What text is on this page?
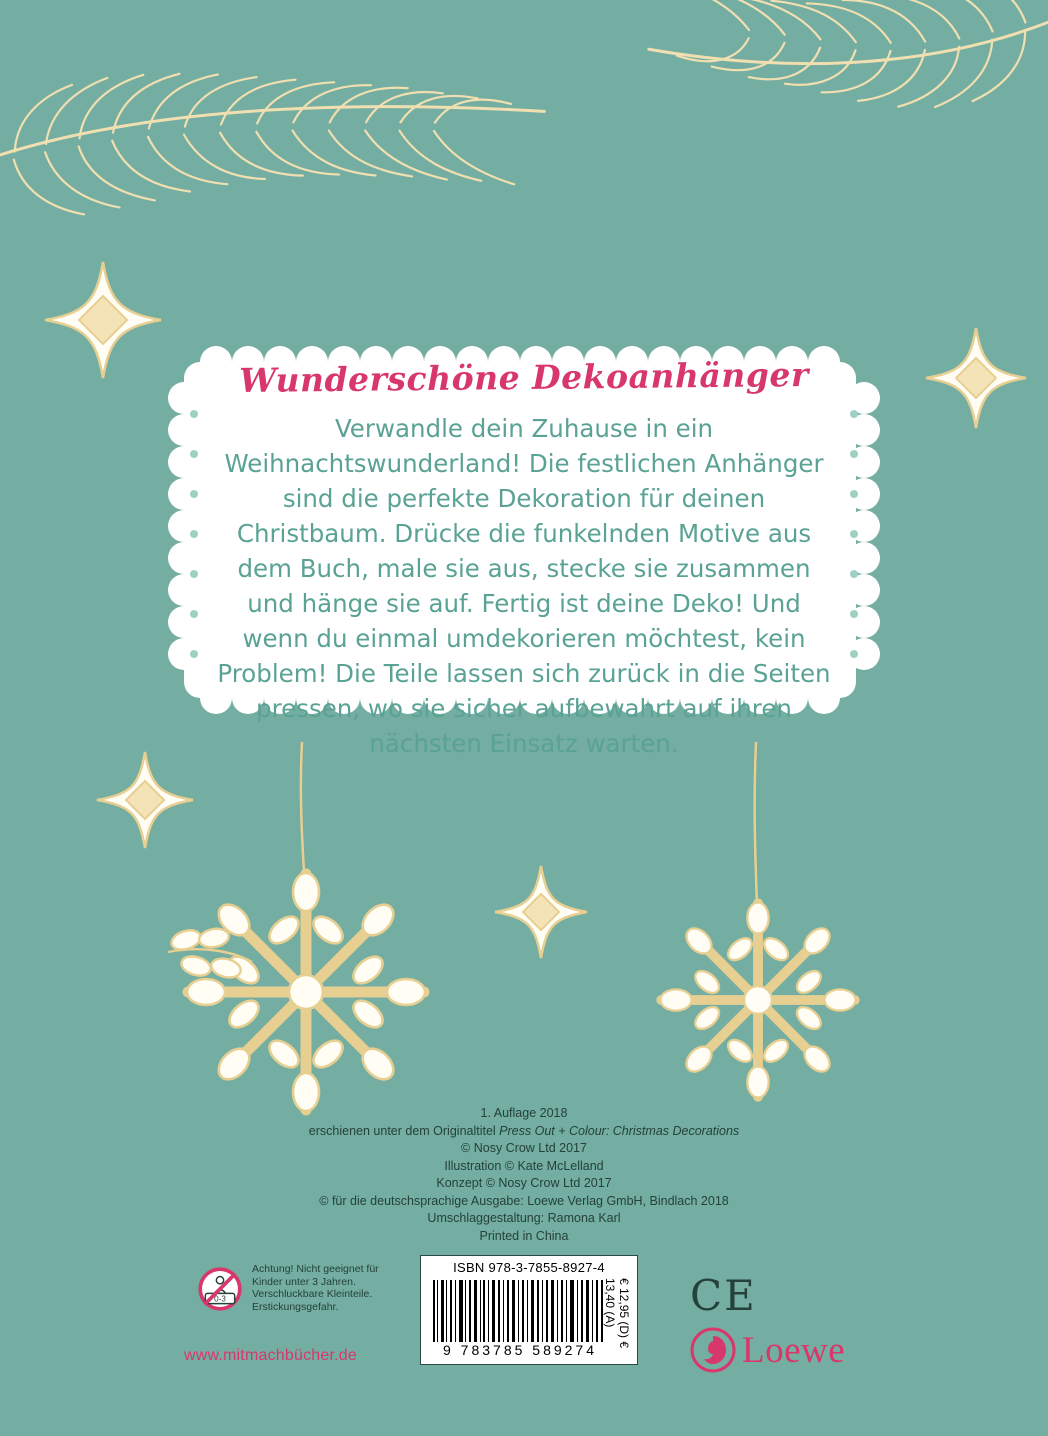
Wunderschöne Dekoanhänger

Verwandle dein Zuhause in ein Weihnachtswunderland! Die festlichen Anhänger sind die perfekte Dekoration für deinen Christbaum. Drücke die funkelnden Motive aus dem Buch, male sie aus, stecke sie zusammen und hänge sie auf. Fertig ist deine Deko! Und wenn du einmal umdekorieren möchtest, kein Problem! Die Teile lassen sich zurück in die Seiten pressen, wo sie sicher aufbewahrt auf ihren nächsten Einsatz warten.

1. Auflage 2018
erschienen unter dem Originaltitel Press Out + Colour: Christmas Decorations
© Nosy Crow Ltd 2017
Illustration © Kate McLelland
Konzept © Nosy Crow Ltd 2017
© für die deutschsprachige Ausgabe: Loewe Verlag GmbH, Bindlach 2018
Umschlaggestaltung: Ramona Karl
Printed in China
0-3
Achtung! Nicht geeignet für Kinder unter 3 Jahren. Verschluckbare Kleinteile. Erstickungsgefahr.
www.mitmachbücher.de
ISBN 978-3-7855-8927-4
9 783785 589274
€ 12,95 (D) € 13,40 (A)	CE
Loewe
